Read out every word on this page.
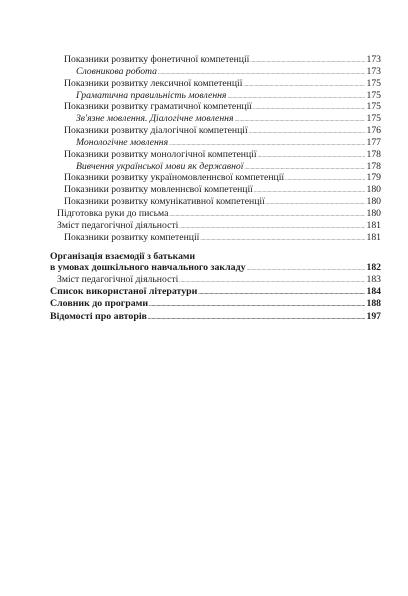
Показники розвитку фонетичної компетенції .....	173
Словникова робота .....	173
Показники розвитку лексичної компетенції .....	175
Граматична правильність мовлення .....	175
Показники розвитку граматичної компетенції .....	175
Зв'язне мовлення. Діалогічне мовлення .....	175
Показники розвитку діалогічної компетенції .....	176
Монологічне мовлення .....	177
Показники розвитку монологічної компетенції .....	178
Вивчення української мови як державної .....	178
Показники розвитку україномовленнєвої компетенції .....	179
Показники розвитку мовленнєвої компетенції .....	180
Показники розвитку комунікативної компетенції .....	180
Підготовка руки до письма .....	180
Зміст педагогічної діяльності .....	181
Показники розвитку компетенції .....	181
Організація взаємодії з батьками
в умовах дошкільного навчального закладу .....	182
Зміст педагогічної діяльності .....	183
Список використаної літератури .....	184
Словник до програми .....	188
Відомості про авторів .....	197
